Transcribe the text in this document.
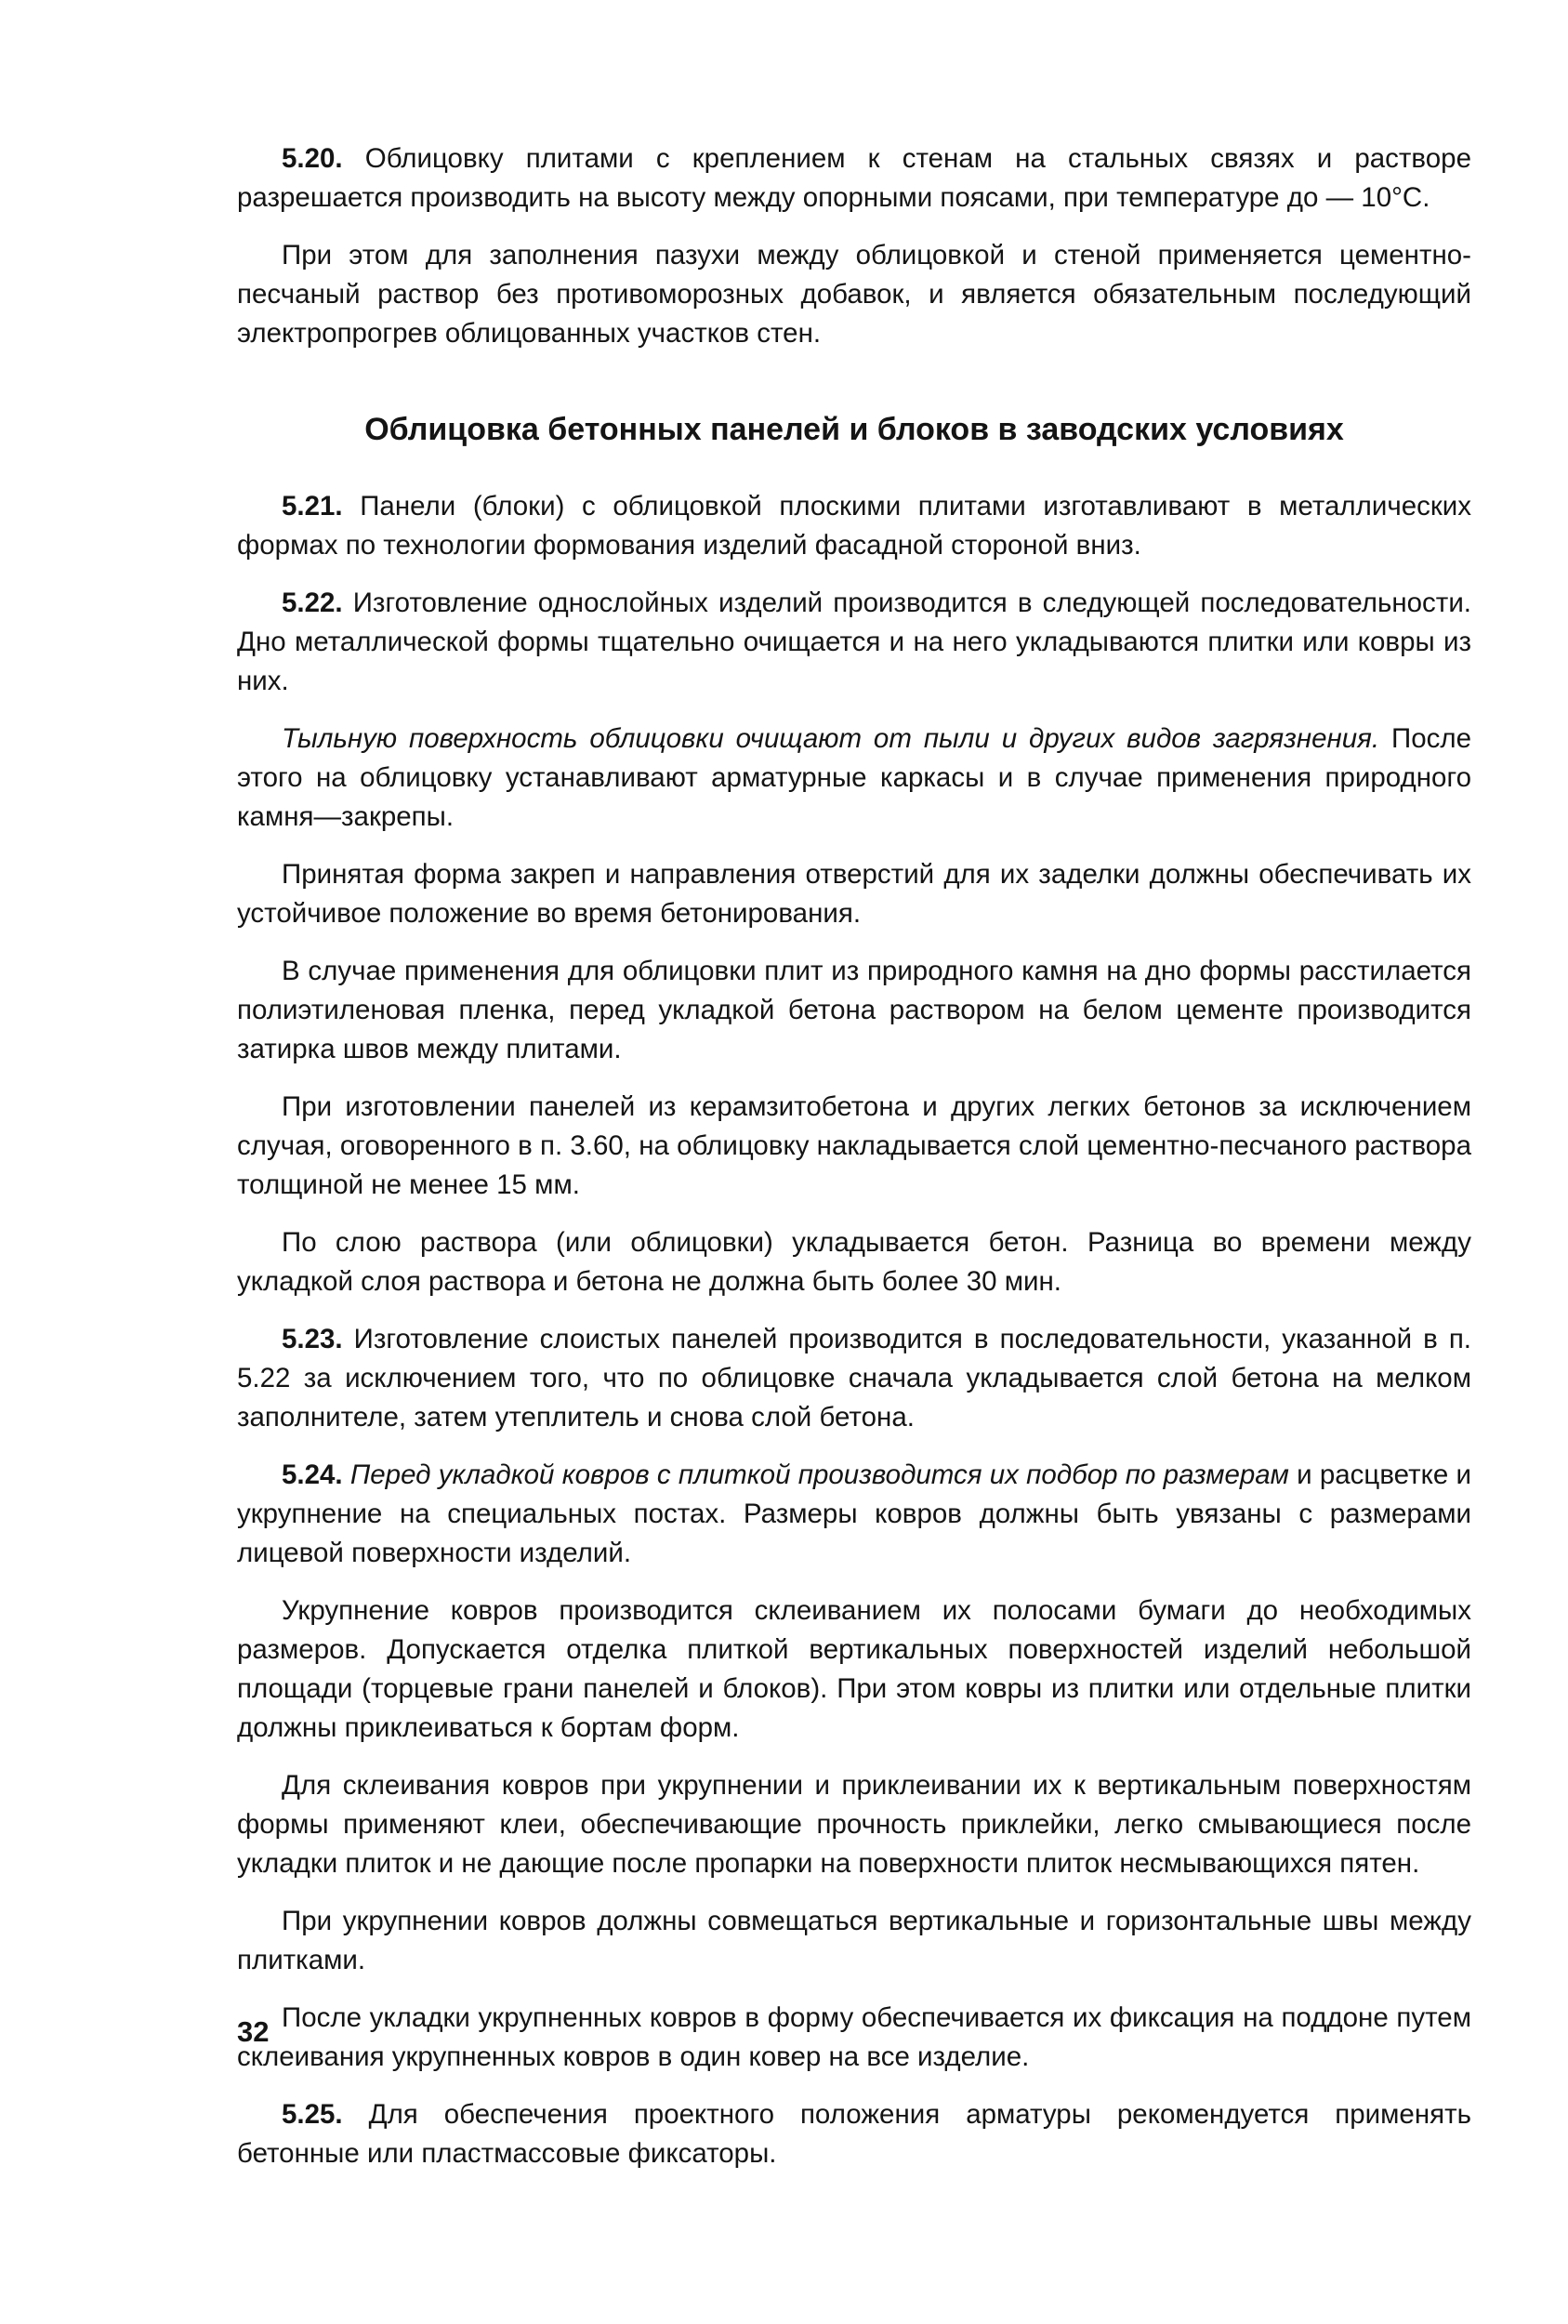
5.20. Облицовку плитами с креплением к стенам на стальных связях и растворе разрешается производить на высоту между опорными поясами, при температуре до — 10°С.

При этом для заполнения пазухи между облицовкой и стеной применяется цементно-песчаный раствор без противоморозных добавок, и является обязательным последующий электропрогрев облицованных участков стен.

Облицовка бетонных панелей и блоков в заводских условиях

5.21. Панели (блоки) с облицовкой плоскими плитами изготавливают в металлических формах по технологии формования изделий фасадной стороной вниз.

5.22. Изготовление однослойных изделий производится в следующей последовательности. Дно металлической формы тщательно очищается и на него укладываются плитки или ковры из них.

Тыльную поверхность облицовки очищают от пыли и других видов загрязнения. После этого на облицовку устанавливают арматурные каркасы и в случае применения природного камня—закрепы.

Принятая форма закреп и направления отверстий для их заделки должны обеспечивать их устойчивое положение во время бетонирования.

В случае применения для облицовки плит из природного камня на дно формы расстилается полиэтиленовая пленка, перед укладкой бетона раствором на белом цементе производится затирка швов между плитами.

При изготовлении панелей из керамзитобетона и других легких бетонов за исключением случая, оговоренного в п. 3.60, на облицовку накладывается слой цементно-песчаного раствора толщиной не менее 15 мм.

По слою раствора (или облицовки) укладывается бетон. Разница во времени между укладкой слоя раствора и бетона не должна быть более 30 мин.

5.23. Изготовление слоистых панелей производится в последовательности, указанной в п. 5.22 за исключением того, что по облицовке сначала укладывается слой бетона на мелком заполнителе, затем утеплитель и снова слой бетона.

5.24. Перед укладкой ковров с плиткой производится их подбор по размерам и расцветке и укрупнение на специальных постах. Размеры ковров должны быть увязаны с размерами лицевой поверхности изделий.

Укрупнение ковров производится склеиванием их полосами бумаги до необходимых размеров. Допускается отделка плиткой вертикальных поверхностей изделий небольшой площади (торцевые грани панелей и блоков). При этом ковры из плитки или отдельные плитки должны приклеиваться к бортам форм.

Для склеивания ковров при укрупнении и приклеивании их к вертикальным поверхностям формы применяют клеи, обеспечивающие прочность приклейки, легко смывающиеся после укладки плиток и не дающие после пропарки на поверхности плиток несмывающихся пятен.

При укрупнении ковров должны совмещаться вертикальные и горизонтальные швы между плитками.

После укладки укрупненных ковров в форму обеспечивается их фиксация на поддоне путем склеивания укрупненных ковров в один ковер на все изделие.

5.25. Для обеспечения проектного положения арматуры рекомендуется применять бетонные или пластмассовые фиксаторы.

32
